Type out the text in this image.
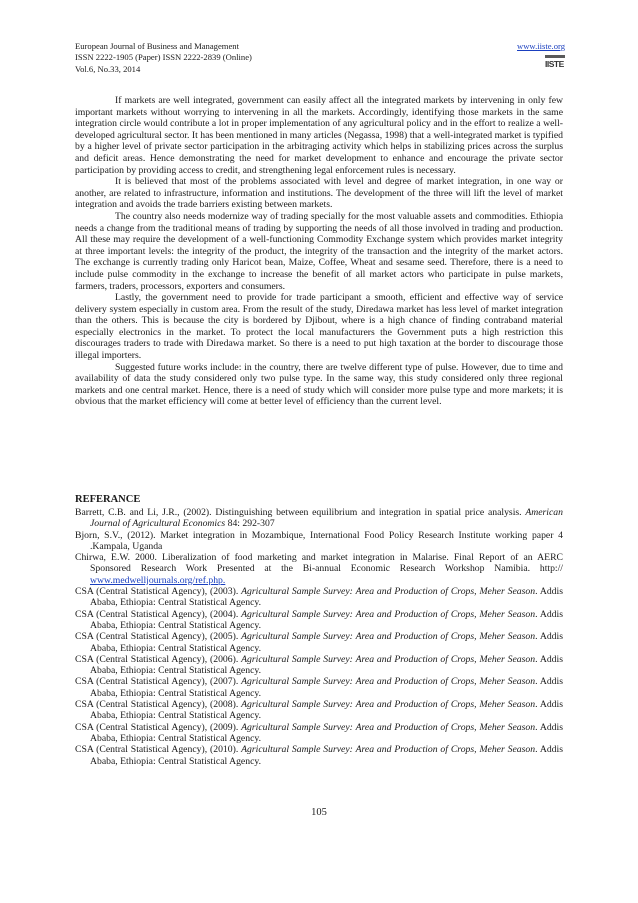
European Journal of Business and Management
ISSN 2222-1905 (Paper) ISSN 2222-2839 (Online)
Vol.6, No.33, 2014
www.iiste.org
IISTE

If markets are well integrated, government can easily affect all the integrated markets by intervening in only few important markets without worrying to intervening in all the markets. Accordingly, identifying those markets in the same integration circle would contribute a lot in proper implementation of any agricultural policy and in the effort to realize a well-developed agricultural sector. It has been mentioned in many articles (Negassa, 1998) that a well-integrated market is typified by a higher level of private sector participation in the arbitraging activity which helps in stabilizing prices across the surplus and deficit areas. Hence demonstrating the need for market development to enhance and encourage the private sector participation by providing access to credit, and strengthening legal enforcement rules is necessary.

It is believed that most of the problems associated with level and degree of market integration, in one way or another, are related to infrastructure, information and institutions. The development of the three will lift the level of market integration and avoids the trade barriers existing between markets.

The country also needs modernize way of trading specially for the most valuable assets and commodities. Ethiopia needs a change from the traditional means of trading by supporting the needs of all those involved in trading and production. All these may require the development of a well-functioning Commodity Exchange system which provides market integrity at three important levels: the integrity of the product, the integrity of the transaction and the integrity of the market actors. The exchange is currently trading only Haricot bean, Maize, Coffee, Wheat and sesame seed. Therefore, there is a need to include pulse commodity in the exchange to increase the benefit of all market actors who participate in pulse markets, farmers, traders, processors, exporters and consumers.

Lastly, the government need to provide for trade participant a smooth, efficient and effective way of service delivery system especially in custom area. From the result of the study, Diredawa market has less level of market integration than the others. This is because the city is bordered by Djibout, where is a high chance of finding contraband material especially electronics in the market. To protect the local manufacturers the Government puts a high restriction this discourages traders to trade with Diredawa market. So there is a need to put high taxation at the border to discourage those illegal importers.

Suggested future works include: in the country, there are twelve different type of pulse. However, due to time and availability of data the study considered only two pulse type. In the same way, this study considered only three regional markets and one central market. Hence, there is a need of study which will consider more pulse type and more markets; it is obvious that the market efficiency will come at better level of efficiency than the current level.

REFERANCE

Barrett, C.B. and Li, J.R., (2002). Distinguishing between equilibrium and integration in spatial price analysis. American Journal of Agricultural Economics 84: 292-307

Bjorn, S.V., (2012). Market integration in Mozambique, International Food Policy Research Institute working paper 4 .Kampala, Uganda

Chirwa, E.W. 2000. Liberalization of food marketing and market integration in Malarise. Final Report of an AERC Sponsored Research Work Presented at the Bi-annual Economic Research Workshop Namibia. http:// www.medwelljournals.org/ref.php.

CSA (Central Statistical Agency), (2003). Agricultural Sample Survey: Area and Production of Crops, Meher Season. Addis Ababa, Ethiopia: Central Statistical Agency.

CSA (Central Statistical Agency), (2004). Agricultural Sample Survey: Area and Production of Crops, Meher Season. Addis Ababa, Ethiopia: Central Statistical Agency.

CSA (Central Statistical Agency), (2005). Agricultural Sample Survey: Area and Production of Crops, Meher Season. Addis Ababa, Ethiopia: Central Statistical Agency.

CSA (Central Statistical Agency), (2006). Agricultural Sample Survey: Area and Production of Crops, Meher Season. Addis Ababa, Ethiopia: Central Statistical Agency.

CSA (Central Statistical Agency), (2007). Agricultural Sample Survey: Area and Production of Crops, Meher Season. Addis Ababa, Ethiopia: Central Statistical Agency.

CSA (Central Statistical Agency), (2008). Agricultural Sample Survey: Area and Production of Crops, Meher Season. Addis Ababa, Ethiopia: Central Statistical Agency.

CSA (Central Statistical Agency), (2009). Agricultural Sample Survey: Area and Production of Crops, Meher Season. Addis Ababa, Ethiopia: Central Statistical Agency.

CSA (Central Statistical Agency), (2010). Agricultural Sample Survey: Area and Production of Crops, Meher Season. Addis Ababa, Ethiopia: Central Statistical Agency.

105
